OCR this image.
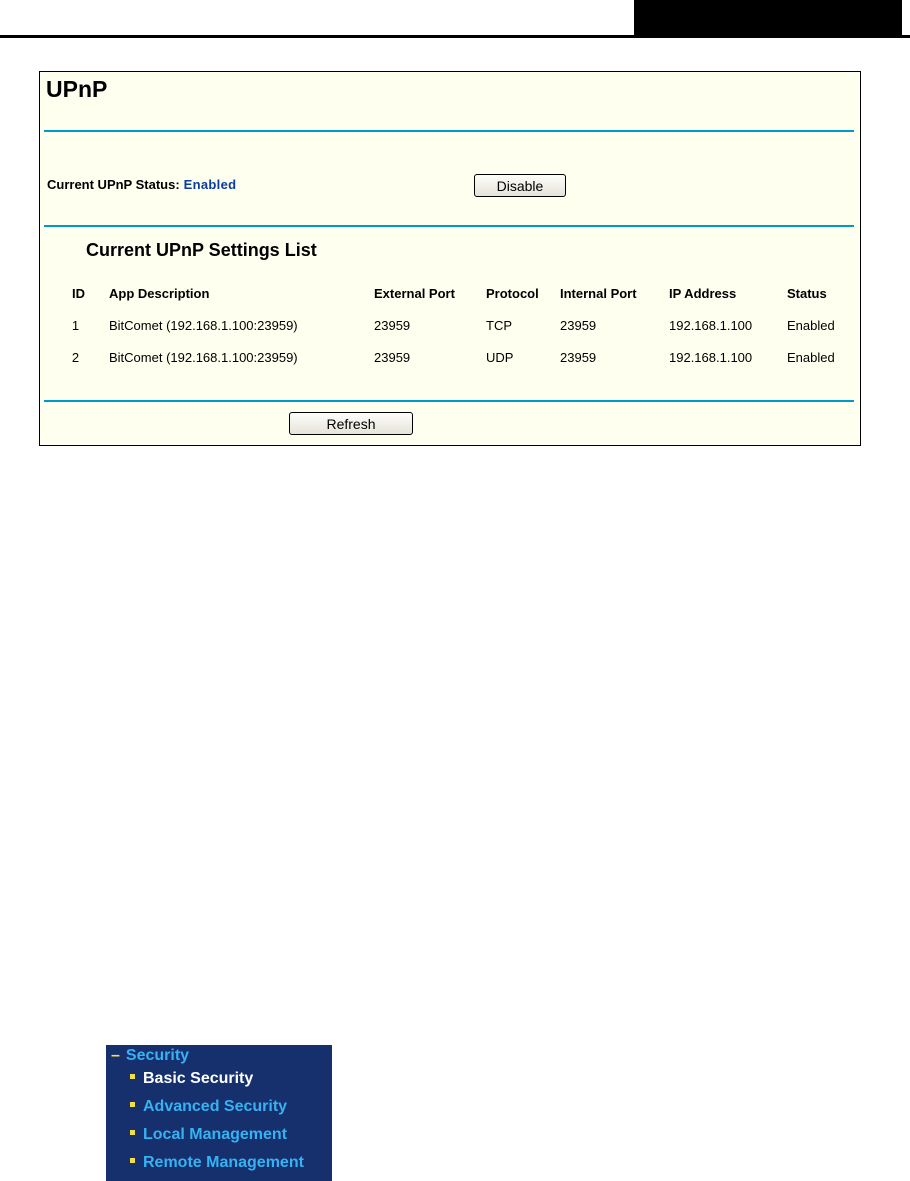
UPnP
Current UPnP Status: Enabled	Disable
Current UPnP Settings List
ID	App Description	External Port	Protocol	Internal Port	IP Address	Status
1	BitComet (192.168.1.100:23959)	23959	TCP	23959	192.168.1.100	Enabled
2	BitComet (192.168.1.100:23959)	23959	UDP	23959	192.168.1.100	Enabled
Refresh
– Security
Basic Security
Advanced Security
Local Management
Remote Management
